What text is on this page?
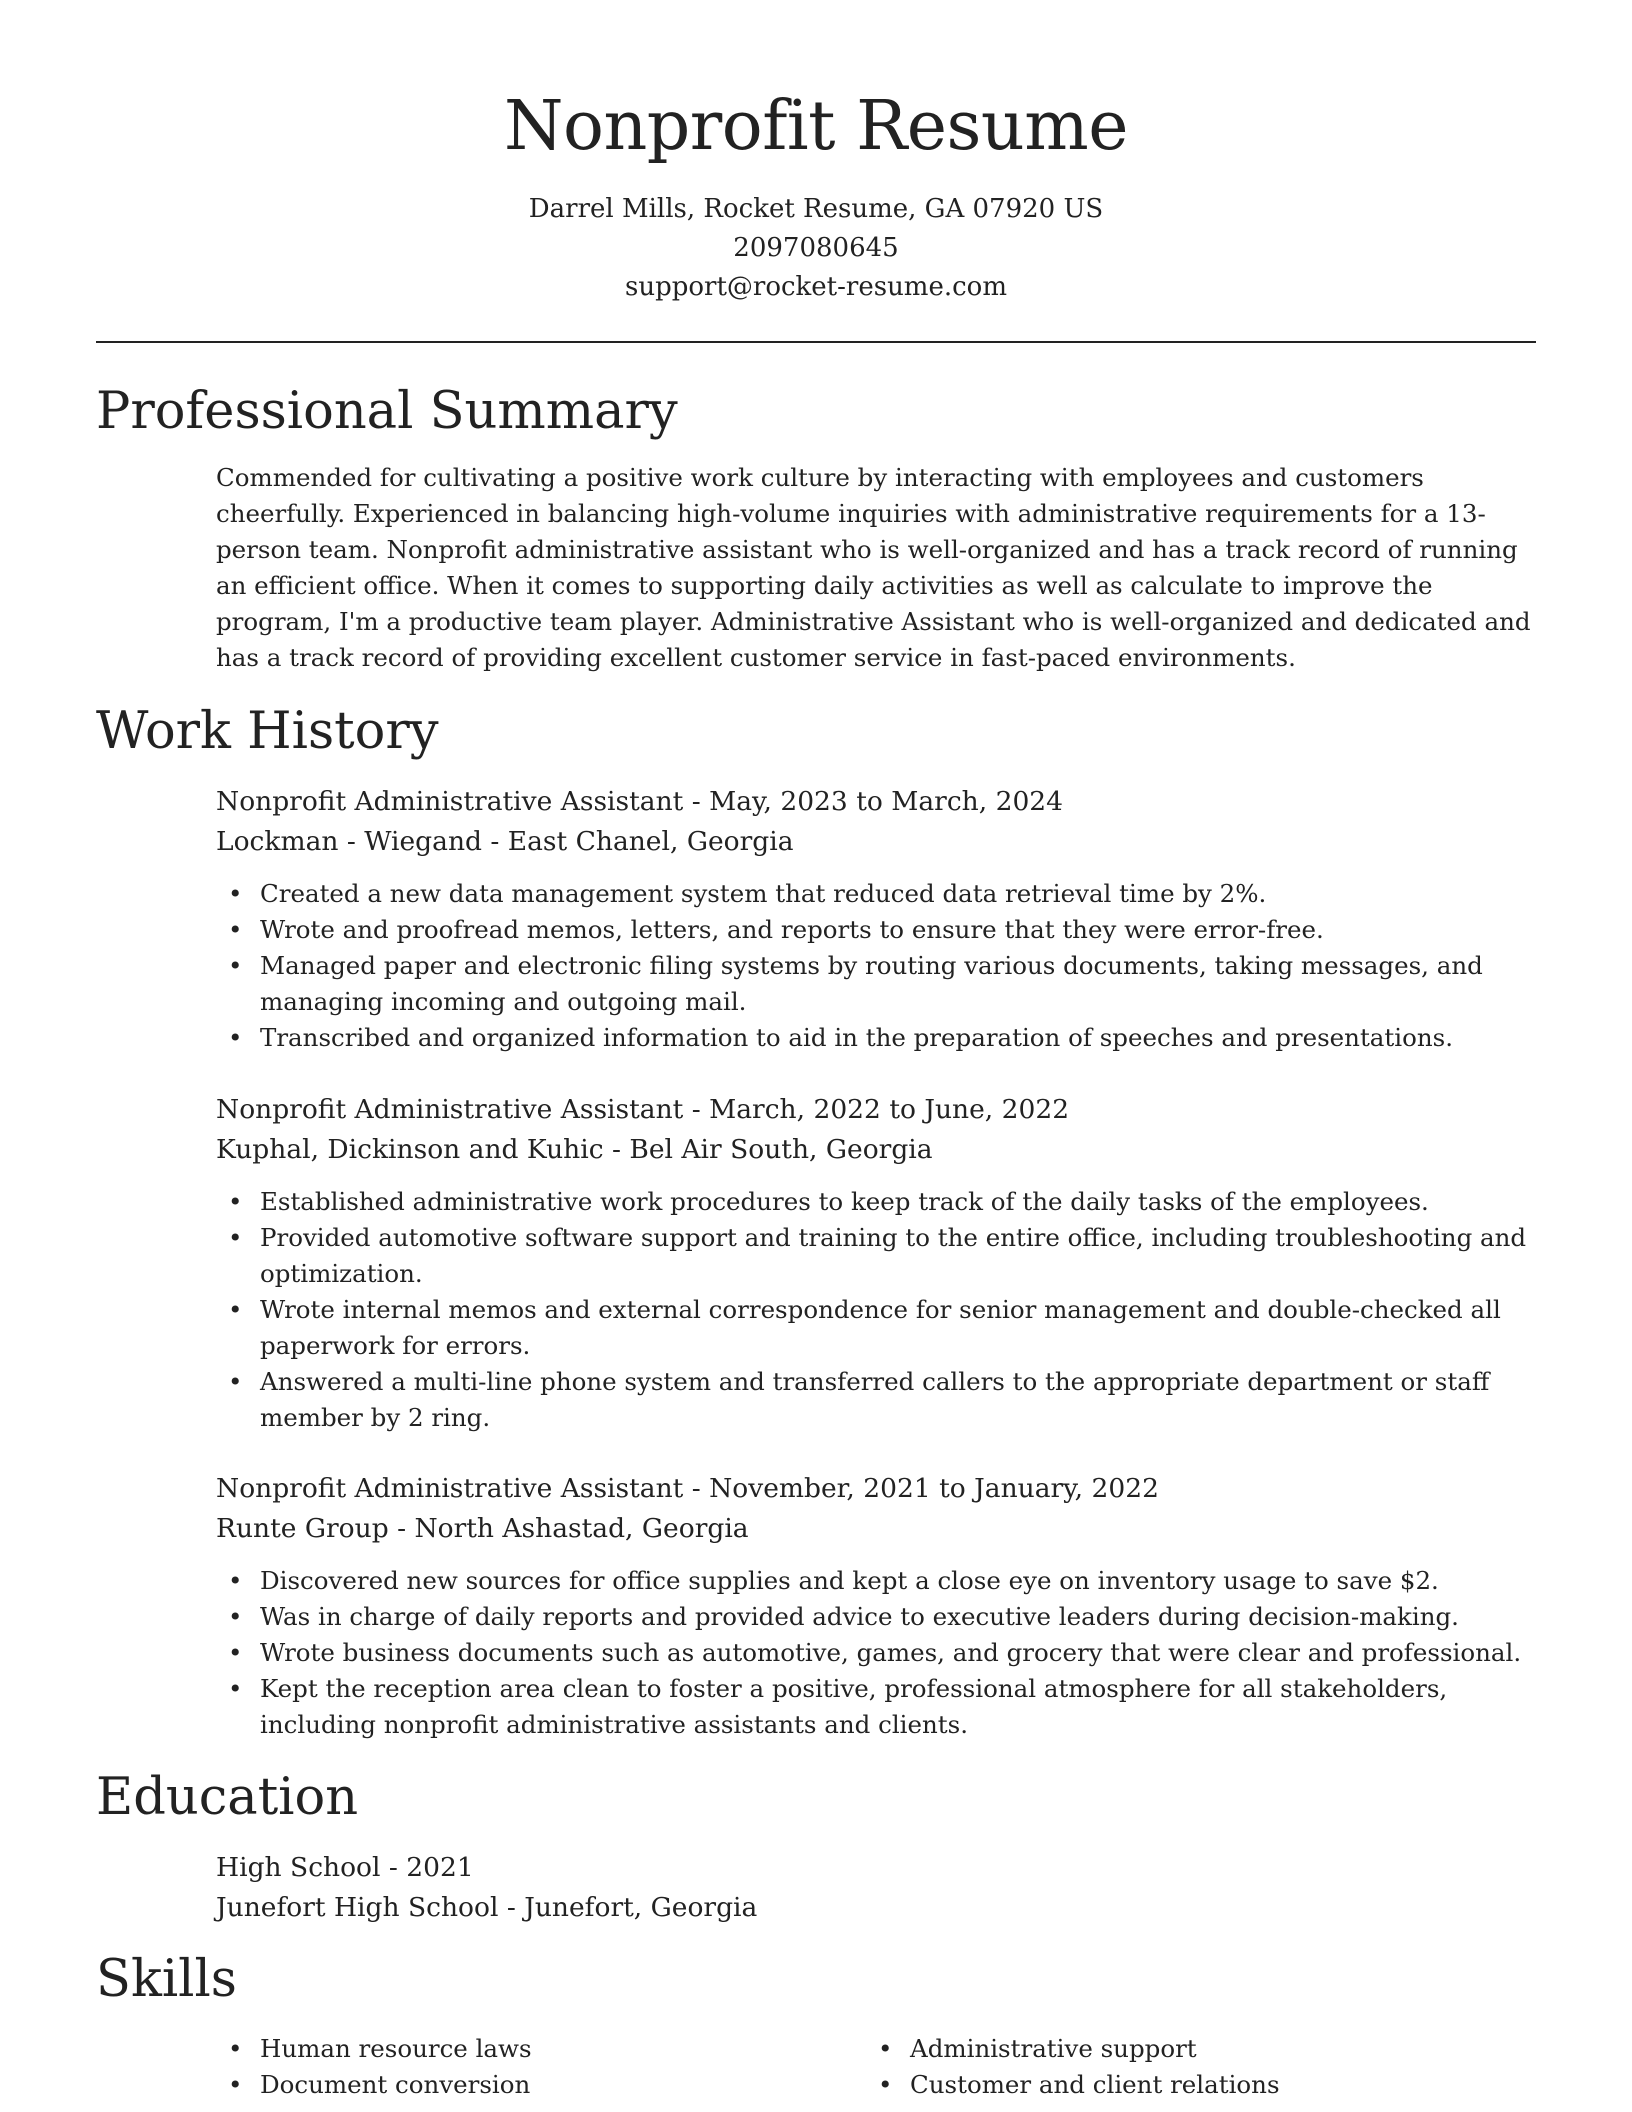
Nonprofit Resume
Darrel Mills, Rocket Resume, GA 07920 US
2097080645
support@rocket-resume.com
Professional Summary

Commended for cultivating a positive work culture by interacting with employees and customers cheerfully. Experienced in balancing high-volume inquiries with administrative requirements for a 13-person team. Nonprofit administrative assistant who is well-organized and has a track record of running an efficient office. When it comes to supporting daily activities as well as calculate to improve the program, I'm a productive team player. Administrative Assistant who is well-organized and dedicated and has a track record of providing excellent customer service in fast-paced environments.

Work History
Nonprofit Administrative Assistant - May, 2023 to March, 2024
Lockman - Wiegand - East Chanel, Georgia
• Created a new data management system that reduced data retrieval time by 2%.
• Wrote and proofread memos, letters, and reports to ensure that they were error-free.
• Managed paper and electronic filing systems by routing various documents, taking messages, and managing incoming and outgoing mail.
• Transcribed and organized information to aid in the preparation of speeches and presentations.
Nonprofit Administrative Assistant - March, 2022 to June, 2022
Kuphal, Dickinson and Kuhic - Bel Air South, Georgia
• Established administrative work procedures to keep track of the daily tasks of the employees.
• Provided automotive software support and training to the entire office, including troubleshooting and optimization.
• Wrote internal memos and external correspondence for senior management and double-checked all paperwork for errors.
• Answered a multi-line phone system and transferred callers to the appropriate department or staff member by 2 ring.
Nonprofit Administrative Assistant - November, 2021 to January, 2022
Runte Group - North Ashastad, Georgia
• Discovered new sources for office supplies and kept a close eye on inventory usage to save $2.
• Was in charge of daily reports and provided advice to executive leaders during decision-making.
• Wrote business documents such as automotive, games, and grocery that were clear and professional.
• Kept the reception area clean to foster a positive, professional atmosphere for all stakeholders, including nonprofit administrative assistants and clients.
Education
High School - 2021
Junefort High School - Junefort, Georgia
Skills
• Human resource laws
• Document conversion
• Administrative support
• Customer and client relations
